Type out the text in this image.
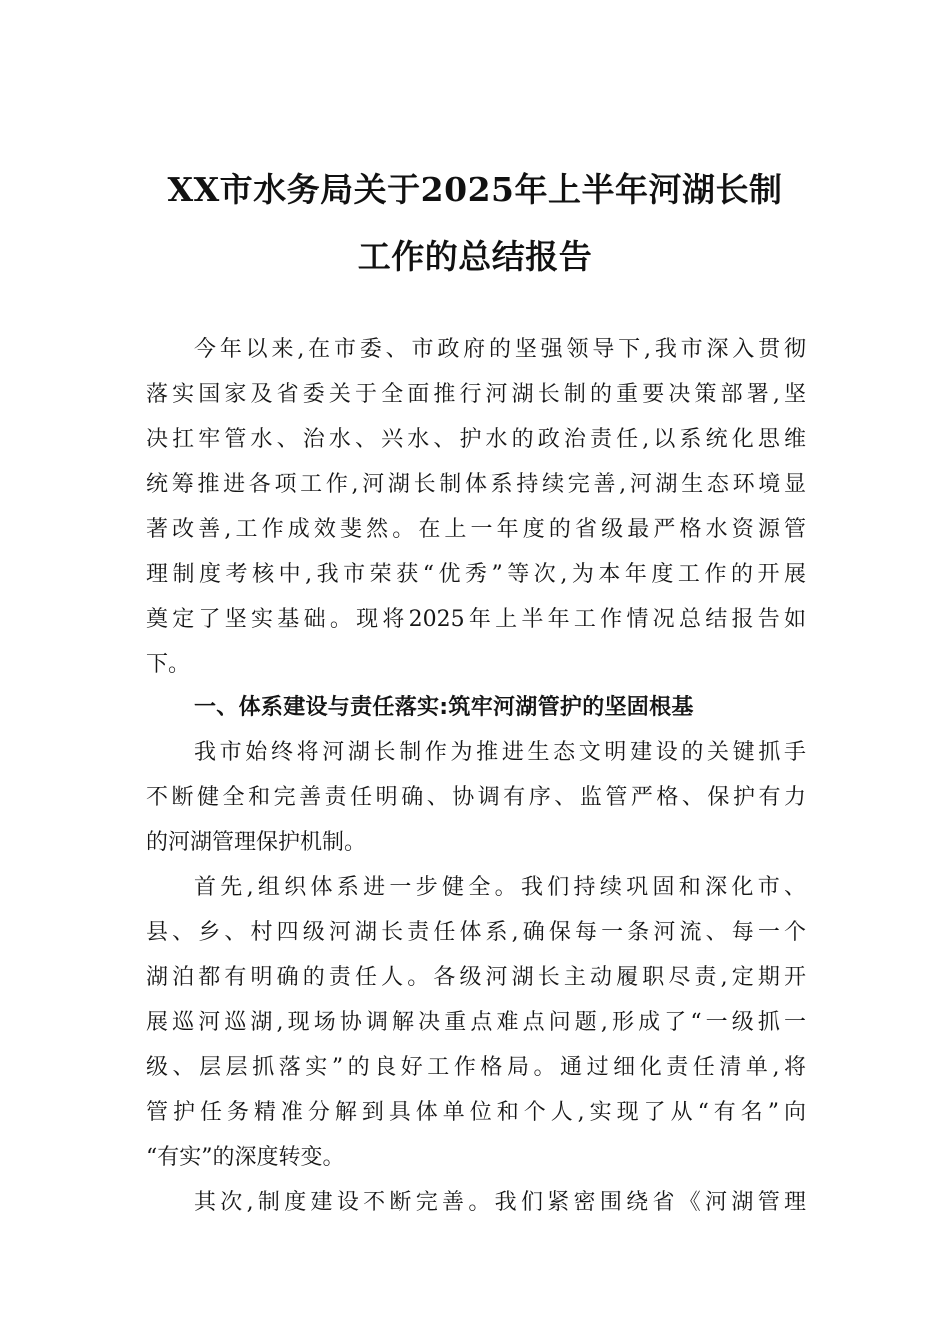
XX市水务局关于2025年上半年河湖长制
工作的总结报告
今年以来,在市委、市政府的坚强领导下,我市深入贯彻
落实国家及省委关于全面推行河湖长制的重要决策部署,坚
决扛牢管水、治水、兴水、护水的政治责任,以系统化思维
统筹推进各项工作,河湖长制体系持续完善,河湖生态环境显
著改善,工作成效斐然。在上一年度的省级最严格水资源管
理制度考核中,我市荣获“优秀”等次,为本年度工作的开展
奠定了坚实基础。现将2025年上半年工作情况总结报告如
下。
一、体系建设与责任落实:筑牢河湖管护的坚固根基
我市始终将河湖长制作为推进生态文明建设的关键抓手
不断健全和完善责任明确、协调有序、监管严格、保护有力
的河湖管理保护机制。
首先,组织体系进一步健全。我们持续巩固和深化市、
县、乡、村四级河湖长责任体系,确保每一条河流、每一个
湖泊都有明确的责任人。各级河湖长主动履职尽责,定期开
展巡河巡湖,现场协调解决重点难点问题,形成了“一级抓一
级、层层抓落实”的良好工作格局。通过细化责任清单,将
管护任务精准分解到具体单位和个人,实现了从“有名”向
“有实”的深度转变。
其次,制度建设不断完善。我们紧密围绕省《河湖管理
